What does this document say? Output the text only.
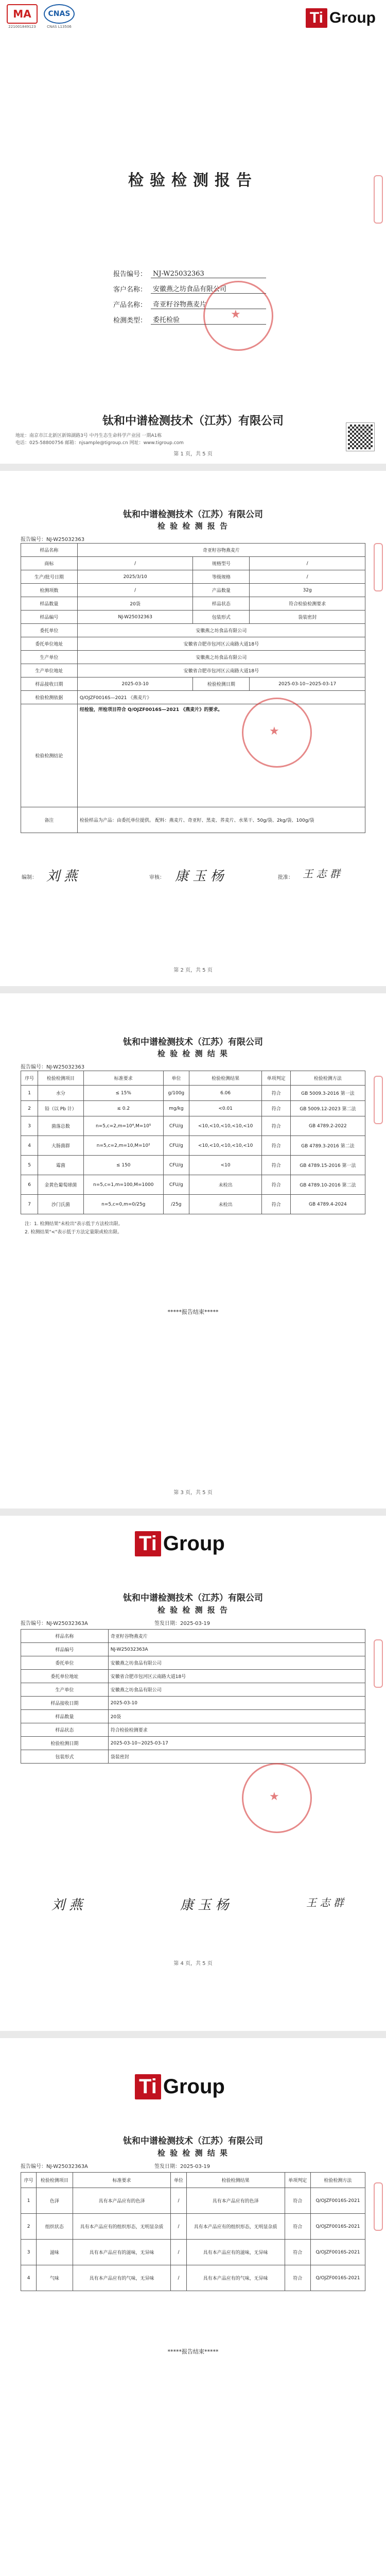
MA
221001849123
CNAS
CNAS L13506
Ti Group
检验检测报告
报告编号： NJ-W25032363
客户名称： 安徽燕之坊食品有限公司
产品名称： 奇亚籽谷物燕麦片
检测类型： 委托检验	★
钛和中谱检测技术（江苏）有限公司
地址：南京市江北新区新锦湖路3号 中丹生态生命科学产业园 一期A1栋
电话：025-58800756 邮箱：njsample@tigroup.cn 网址：www.tigroup.com
第 1 页，共 5 页
钛和中谱检测技术（江苏）有限公司
检 验 检 测 报 告
报告编号：NJ-W25032363
样品名称	奇亚籽谷物燕麦片		
商标	/	规格型号	/
生产/批号日期	2025/3/10	等级规格	/
检测项数	/	产品数量	32g
样品数量	20袋	样品状态	符合检验检测要求
样品编号	NJ-W25032363	包装形式	袋装密封
委托单位	安徽燕之坊食品有限公司		
委托单位地址	安徽省合肥市包河区云南路大道18号		
生产单位	安徽燕之坊食品有限公司		
生产单位地址	安徽省合肥市包河区云南路大道18号		
样品接收日期	2025-03-10	检验检测日期	2025-03-10~2025-03-17
检验检测依据	Q/OJZF0016S—2021 《燕麦片》		
检验检测结论	经检验，所检项目符合 Q/OJZF0016S—2021 《燕麦片》的要求。		
备注	检验样品为产品：由委托单位提供。 配料：燕麦片、奇亚籽、黑麦、荞麦片、水果干、50g/袋、2kg/袋、100g/袋		
★
编制： 刘 燕	审核： 康 玉 杨	批准： 王 志 群
第 2 页，共 5 页
钛和中谱检测技术（江苏）有限公司
检 验 检 测 结 果
报告编号：NJ-W25032363
序号	检验检测项目	标准要求	单位	检验检测结果	单项判定	检验检测方法
1	水分	≤ 15%	g/100g	6.06	符合	GB 5009.3-2016 第一法
2	铅（以 Pb 计）	≤ 0.2	mg/kg	<0.01	符合	GB 5009.12-2023 第二法
3	菌落总数	n=5,c=2,m=10⁴,M=10⁵	CFU/g	<10,<10,<10,<10,<10	符合	GB 4789.2-2022
4	大肠菌群	n=5,c=2,m=10,M=10²	CFU/g	<10,<10,<10,<10,<10	符合	GB 4789.3-2016 第二法
5	霉菌	≤ 150	CFU/g	<10	符合	GB 4789.15-2016 第一法
6	金黄色葡萄球菌	n=5,c=1,m=100,M=1000	CFU/g	未检出	符合	GB 4789.10-2016 第二法
7	沙门氏菌	n=5,c=0,m=0/25g	/25g	未检出	符合	GB 4789.4-2024
注：1. 检测结果"未检出"表示低于方法检出限。
2. 检测结果"<"表示低于方法定量限或检出限。
*****报告结束*****
第 3 页，共 5 页
Ti Group
钛和中谱检测技术（江苏）有限公司
检 验 检 测 报 告
报告编号：NJ-W25032363A	签发日期：2025-03-19
样品名称	奇亚籽谷物燕麦片
样品编号	NJ-W25032363A
委托单位	安徽燕之坊食品有限公司
委托单位地址	安徽省合肥市包河区云南路大道18号
生产单位	安徽燕之坊食品有限公司
样品接收日期	2025-03-10
样品数量	20袋
样品状态	符合检验检测要求
检验检测日期	2025-03-10~2025-03-17
包装形式	袋装密封
★
刘 燕	康 玉 杨	王 志 群
第 4 页，共 5 页
Ti Group
钛和中谱检测技术（江苏）有限公司
检 验 检 测 结 果
报告编号：NJ-W25032363A	签发日期：2025-03-19
序号	检验检测项目	标准要求	单位	检验检测结果	单项判定	检验检测方法
1	色泽	具有本产品应有的色泽	/	具有本产品应有的色泽	符合	Q/OJZF0016S-2021
2	组织状态	具有本产品应有的组织形态，无明显杂质	/	具有本产品应有的组织形态，无明显杂质	符合	Q/OJZF0016S-2021
3	滋味	具有本产品应有的滋味，无异味	/	具有本产品应有的滋味，无异味	符合	Q/OJZF0016S-2021
4	气味	具有本产品应有的气味，无异味	/	具有本产品应有的气味，无异味	符合	Q/OJZF0016S-2021
*****报告结束*****
